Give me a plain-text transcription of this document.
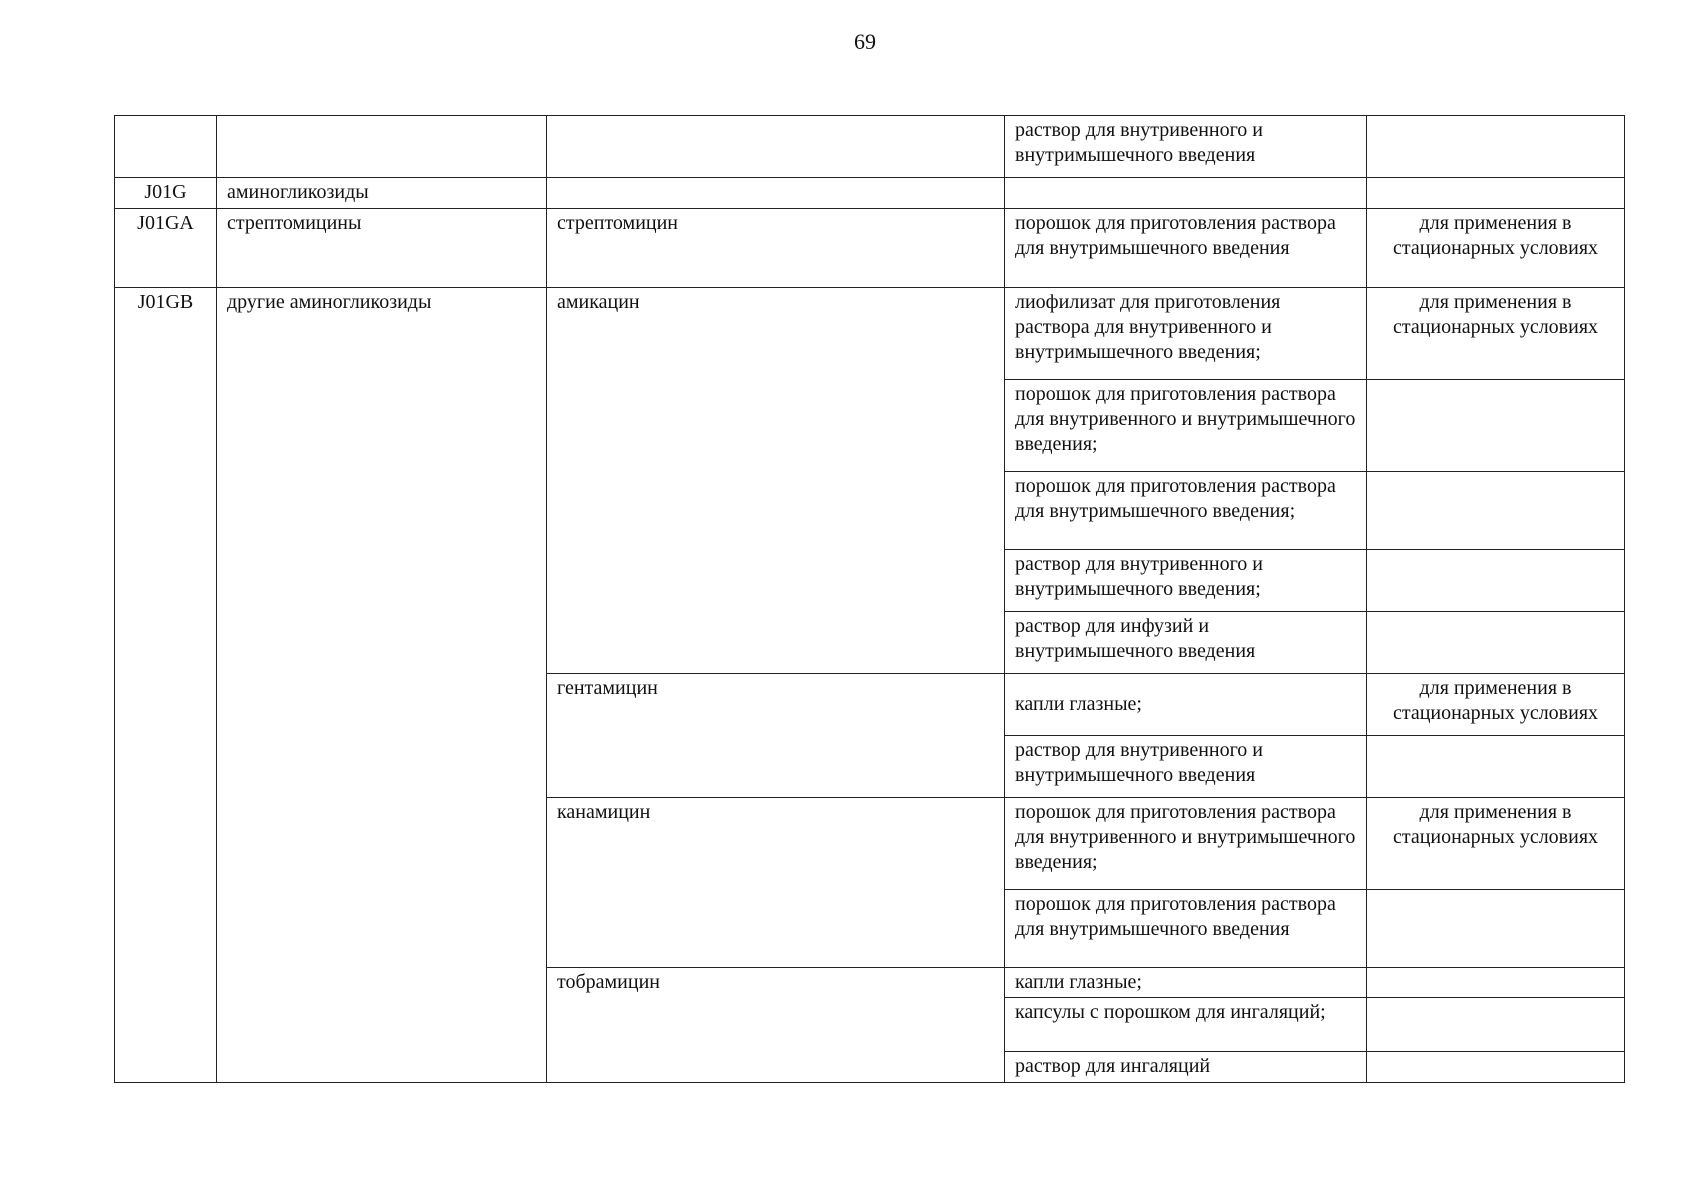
69
			раствор для внутривенного и внутримышечного введения	
J01G	аминогликозиды			
J01GA	стрептомицины	стрептомицин	порошок для приготовления раствора для внутримышечного введения	для применения в стационарных условиях
J01GB	другие аминогликозиды	амикацин	лиофилизат для приготовления раствора для внутривенного и внутримышечного введения;	для применения в стационарных условиях
			порошок для приготовления раствора для внутривенного и внутримышечного введения;	
			порошок для приготовления раствора для внутримышечного введения;	
			раствор для внутривенного и внутримышечного введения;	
			раствор для инфузий и внутримышечного введения	
		гентамицин	капли глазные;	для применения в стационарных условиях
			раствор для внутривенного и внутримышечного введения	
		канамицин	порошок для приготовления раствора для внутривенного и внутримышечного введения;	для применения в стационарных условиях
			порошок для приготовления раствора для внутримышечного введения	
		тобрамицин	капли глазные;	
			капсулы с порошком для ингаляций;	
			раствор для ингаляций	
